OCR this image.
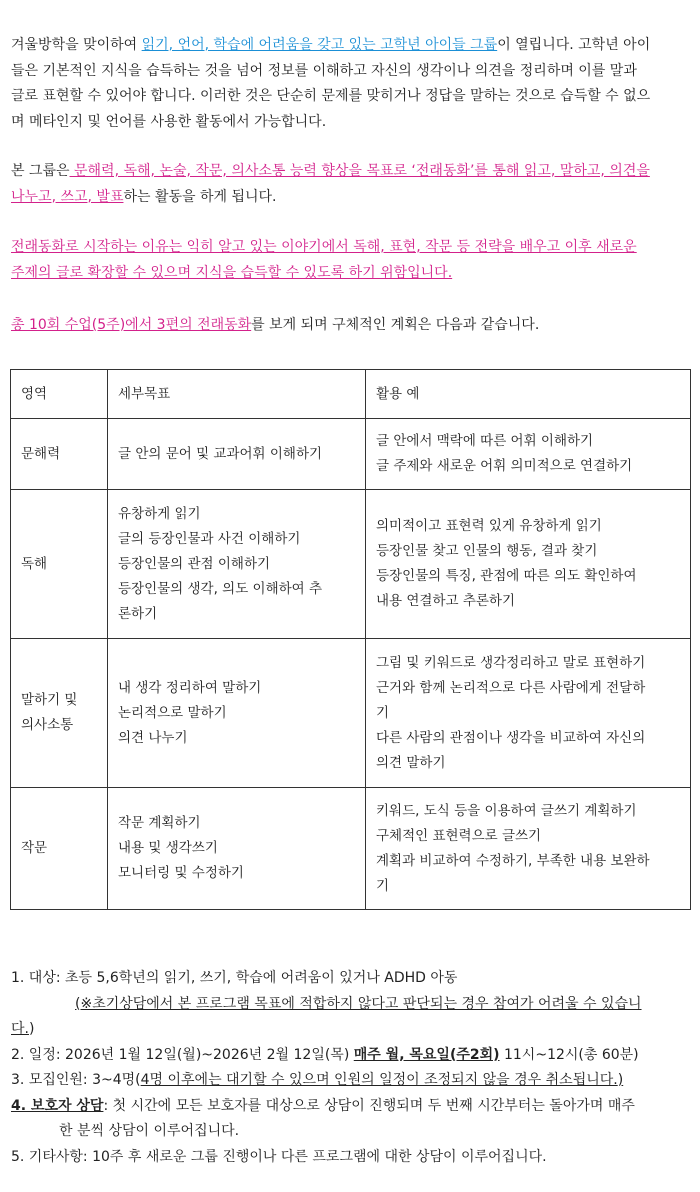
겨울방학을 맞이하여 읽기, 언어, 학습에 어려움을 갖고 있는 고학년 아이들 그룹이 열립니다. 고학년 아이
들은 기본적인 지식을 습득하는 것을 넘어 정보를 이해하고 자신의 생각이나 의견을 정리하며 이를 말과
글로 표현할 수 있어야 합니다. 이러한 것은 단순히 문제를 맞히거나 정답을 말하는 것으로 습득할 수 없으
며 메타인지 및 언어를 사용한 활동에서 가능합니다.

본 그룹은 문해력, 독해, 논술, 작문, 의사소통 능력 향상을 목표로 ‘전래동화’를 통해 읽고, 말하고, 의견을
나누고, 쓰고, 발표하는 활동을 하게 됩니다.

전래동화로 시작하는 이유는 익히 알고 있는 이야기에서 독해, 표현, 작문 등 전략을 배우고 이후 새로운
주제의 글로 확장할 수 있으며 지식을 습득할 수 있도록 하기 위함입니다.

총 10회 수업(5주)에서 3편의 전래동화를 보게 되며 구체적인 계획은 다음과 같습니다.

영역	세부목표	활용 예

문해력	글 안의 문어 및 교과어휘 이해하기	글 안에서 맥락에 따른 어휘 이해하기
글 주제와 새로운 어휘 의미적으로 연결하기

독해	유창하게 읽기
글의 등장인물과 사건 이해하기
등장인물의 관점 이해하기
등장인물의 생각, 의도 이해하여 추
론하기	의미적이고 표현력 있게 유창하게 읽기
등장인물 찾고 인물의 행동, 결과 찾기
등장인물의 특징, 관점에 따른 의도 확인하여
내용 연결하고 추론하기

말하기 및
의사소통	내 생각 정리하여 말하기
논리적으로 말하기
의견 나누기	그림 및 키워드로 생각정리하고 말로 표현하기
근거와 함께 논리적으로 다른 사람에게 전달하
기
다른 사람의 관점이나 생각을 비교하여 자신의
의견 말하기

작문	작문 계획하기
내용 및 생각쓰기
모니터링 및 수정하기	키워드, 도식 등을 이용하여 글쓰기 계획하기
구체적인 표현력으로 글쓰기
계획과 비교하여 수정하기, 부족한 내용 보완하
기
1. 대상: 초등 5,6학년의 읽기, 쓰기, 학습에 어려움이 있거나 ADHD 아동
(※초기상담에서 본 프로그램 목표에 적합하지 않다고 판단되는 경우 참여가 어려울 수 있습니
다.)
2. 일정: 2026년 1월 12일(월)~2026년 2월 12일(목) 매주 월, 목요일(주2회) 11시~12시(총 60분)
3. 모집인원: 3~4명(4명 이후에는 대기할 수 있으며 인원의 일정이 조정되지 않을 경우 취소됩니다.)
4. 보호자 상담: 첫 시간에 모든 보호자를 대상으로 상담이 진행되며 두 번째 시간부터는 돌아가며 매주
한 분씩 상담이 이루어집니다.
5. 기타사항: 10주 후 새로운 그룹 진행이나 다른 프로그램에 대한 상담이 이루어집니다.
